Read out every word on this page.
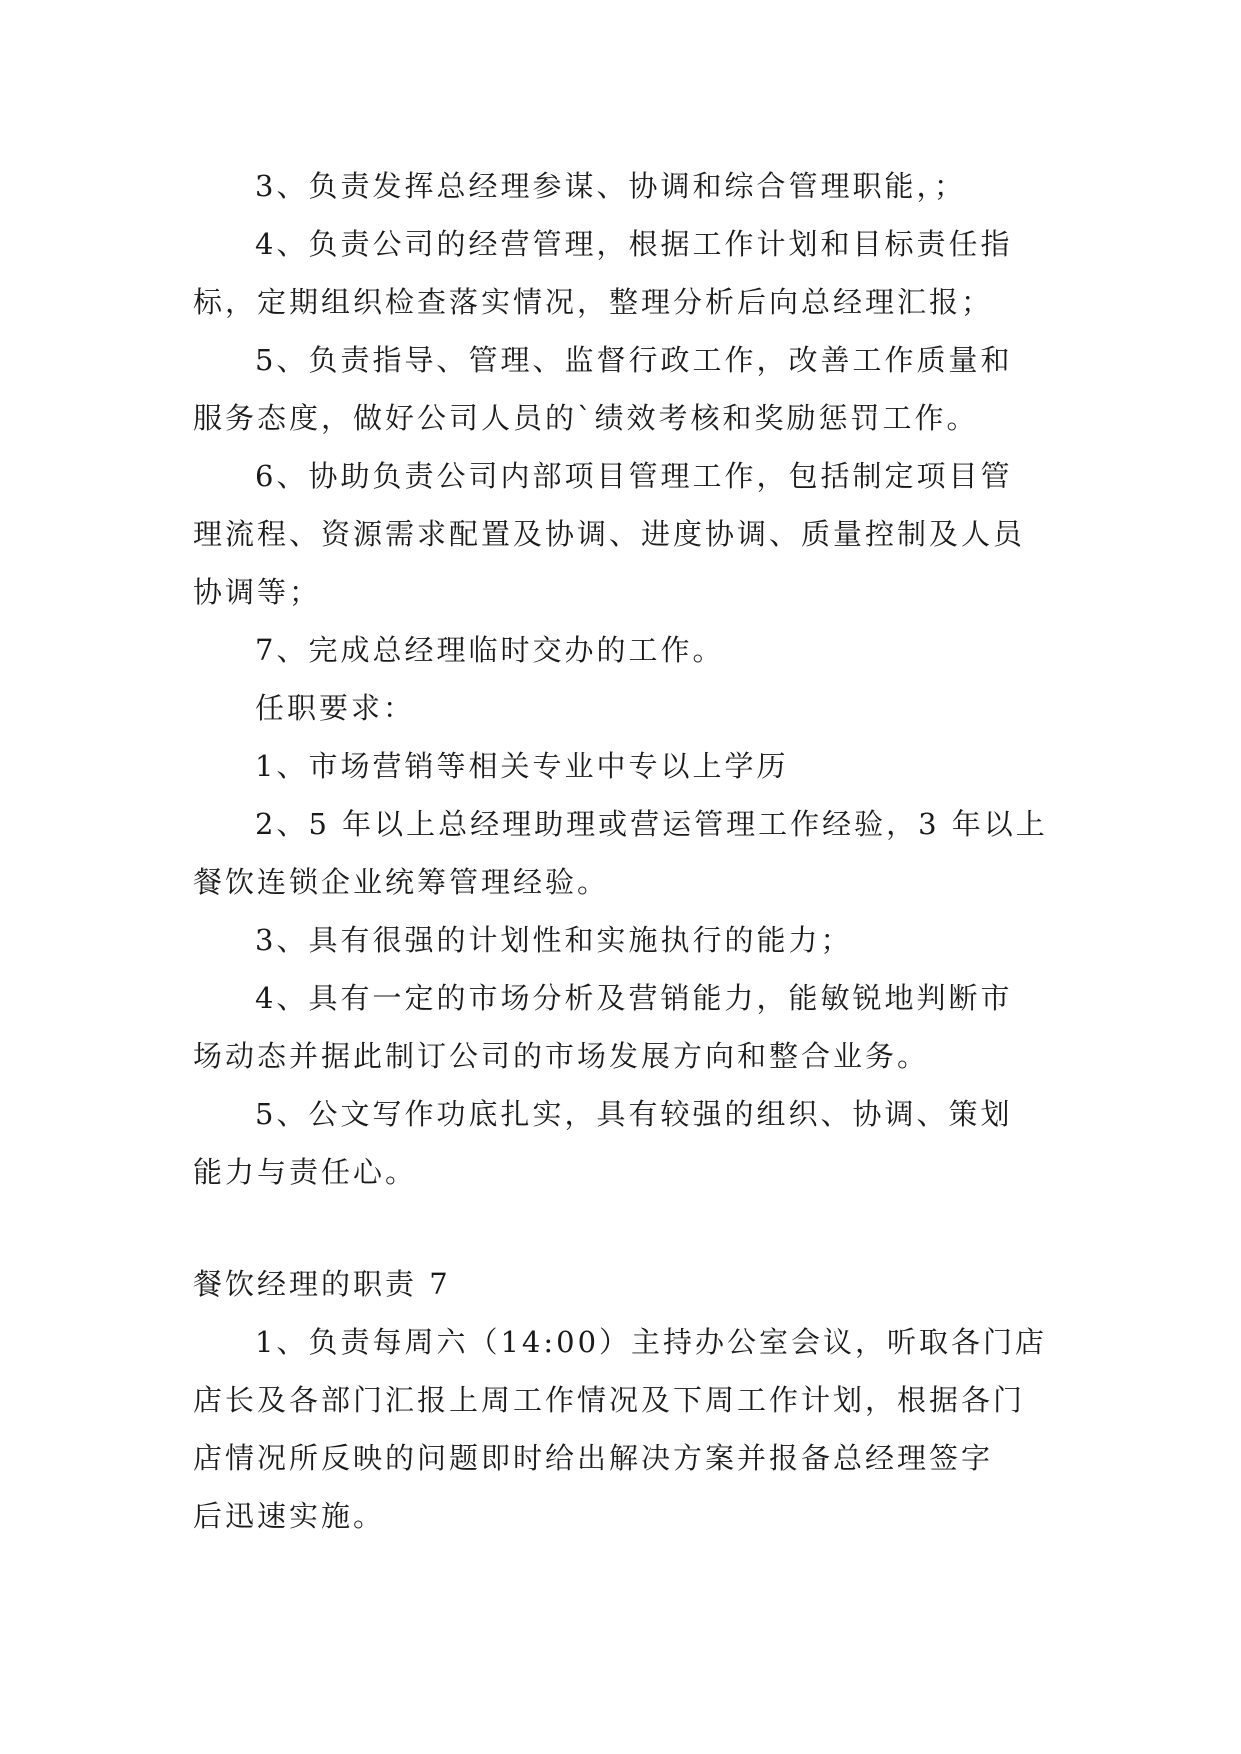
3、负责发挥总经理参谋、协调和综合管理职能，；
4、负责公司的经营管理，根据工作计划和目标责任指
标，定期组织检查落实情况，整理分析后向总经理汇报；
5、负责指导、管理、监督行政工作，改善工作质量和
服务态度，做好公司人员的`绩效考核和奖励惩罚工作。
6、协助负责公司内部项目管理工作，包括制定项目管
理流程、资源需求配置及协调、进度协调、质量控制及人员
协调等；
7、完成总经理临时交办的工作。
任职要求：
1、市场营销等相关专业中专以上学历
2、5 年以上总经理助理或营运管理工作经验，3 年以上
餐饮连锁企业统筹管理经验。
3、具有很强的计划性和实施执行的能力；
4、具有一定的市场分析及营销能力，能敏锐地判断市
场动态并据此制订公司的市场发展方向和整合业务。
5、公文写作功底扎实，具有较强的组织、协调、策划
能力与责任心。
餐饮经理的职责 7
1、负责每周六（14:00）主持办公室会议，听取各门店
店长及各部门汇报上周工作情况及下周工作计划，根据各门
店情况所反映的问题即时给出解决方案并报备总经理签字
后迅速实施。
